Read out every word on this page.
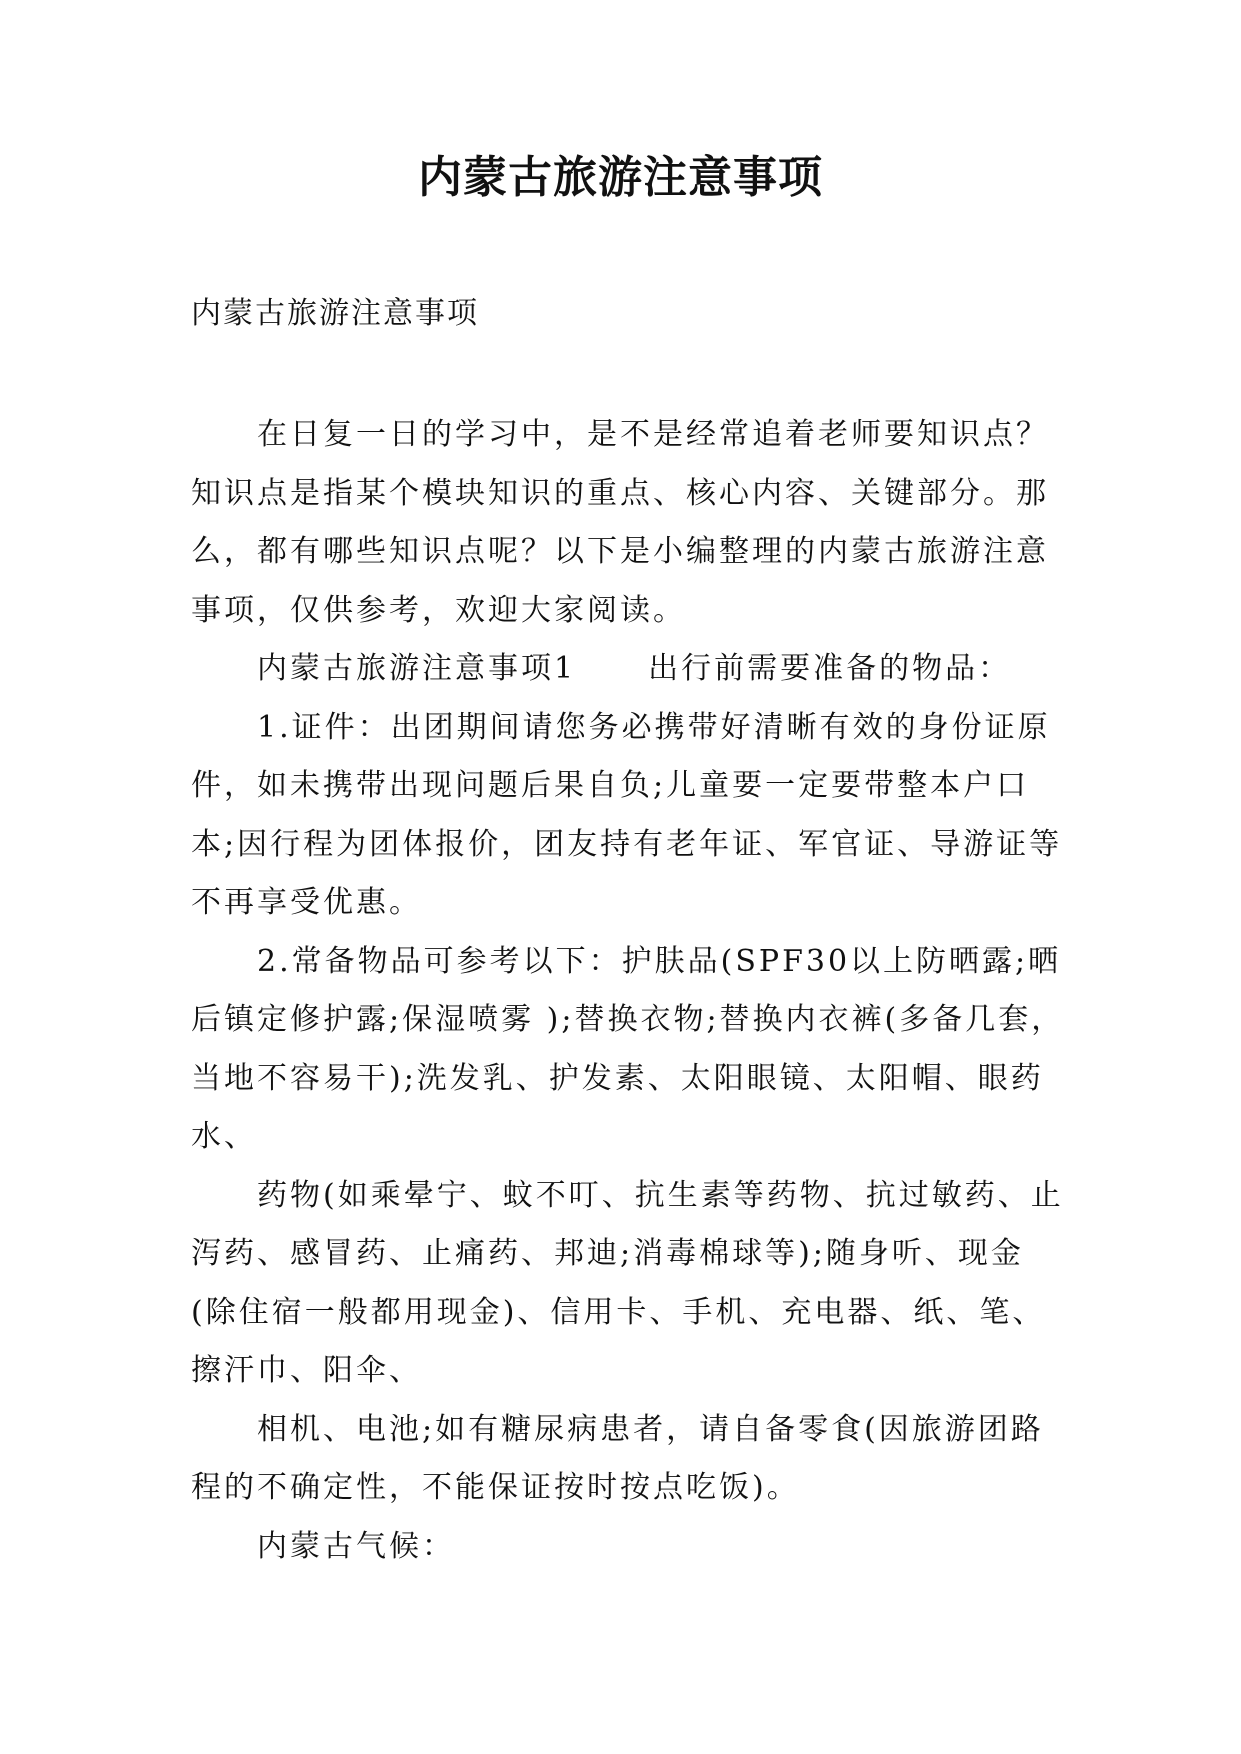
内蒙古旅游注意事项

内蒙古旅游注意事项

在日复一日的学习中，是不是经常追着老师要知识点？知识点是指某个模块知识的重点、核心内容、关键部分。那么，都有哪些知识点呢？以下是小编整理的内蒙古旅游注意事项，仅供参考，欢迎大家阅读。

内蒙古旅游注意事项1 出行前需要准备的物品：

1.证件：出团期间请您务必携带好清晰有效的身份证原件，如未携带出现问题后果自负;儿童要一定要带整本户口本;因行程为团体报价，团友持有老年证、军官证、导游证等不再享受优惠。

2.常备物品可参考以下：护肤品(SPF30以上防晒露;晒后镇定修护露;保湿喷雾 );替换衣物;替换内衣裤(多备几套，当地不容易干);洗发乳、护发素、太阳眼镜、太阳帽、眼药水、

药物(如乘晕宁、蚊不叮、抗生素等药物、抗过敏药、止泻药、感冒药、止痛药、邦迪;消毒棉球等);随身听、现金(除住宿一般都用现金)、信用卡、手机、充电器、纸、笔、擦汗巾、阳伞、

相机、电池;如有糖尿病患者，请自备零食(因旅游团路程的不确定性，不能保证按时按点吃饭)。

内蒙古气候：
